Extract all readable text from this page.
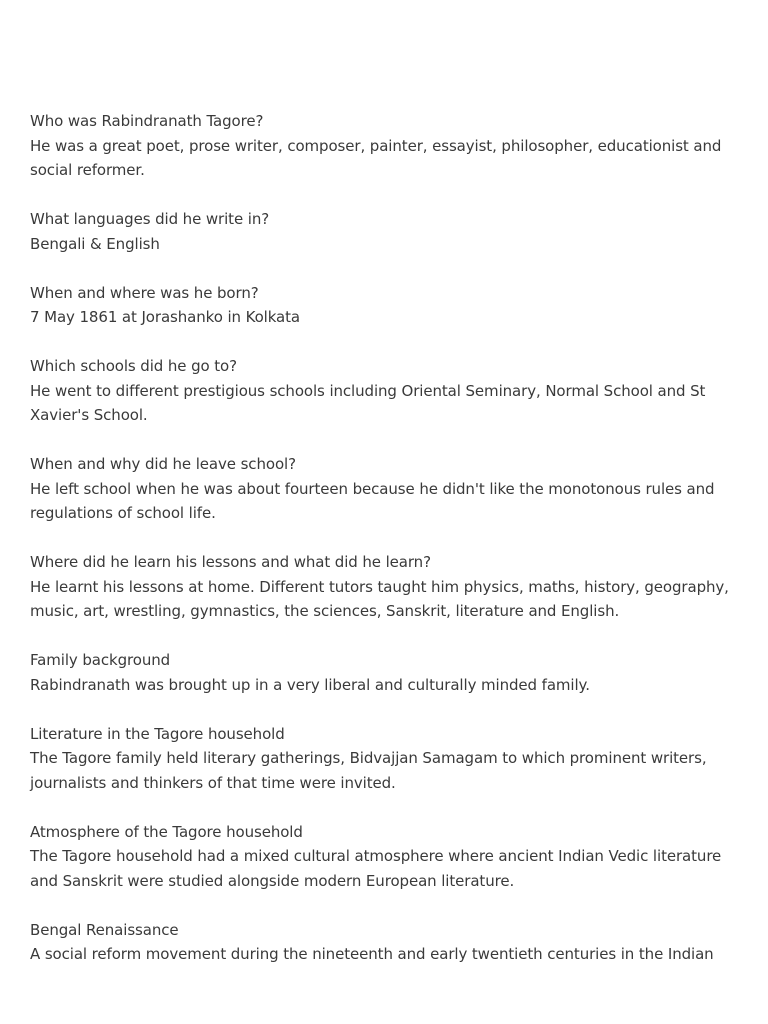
Who was Rabindranath Tagore?
He was a great poet, prose writer, composer, painter, essayist, philosopher, educationist and social reformer.
What languages did he write in?
Bengali & English
When and where was he born?
7 May 1861 at Jorashanko in Kolkata
Which schools did he go to?
He went to different prestigious schools including Oriental Seminary, Normal School and St Xavier's School.
When and why did he leave school?
He left school when he was about fourteen because he didn't like the monotonous rules and regulations of school life.
Where did he learn his lessons and what did he learn?
He learnt his lessons at home. Different tutors taught him physics, maths, history, geography, music, art, wrestling, gymnastics, the sciences, Sanskrit, literature and English.
Family background
Rabindranath was brought up in a very liberal and culturally minded family.
Literature in the Tagore household
The Tagore family held literary gatherings, Bidvajjan Samagam to which prominent writers, journalists and thinkers of that time were invited.
Atmosphere of the Tagore household
The Tagore household had a mixed cultural atmosphere where ancient Indian Vedic literature and Sanskrit were studied alongside modern European literature.
Bengal Renaissance
A social reform movement during the nineteenth and early twentieth centuries in the Indian
